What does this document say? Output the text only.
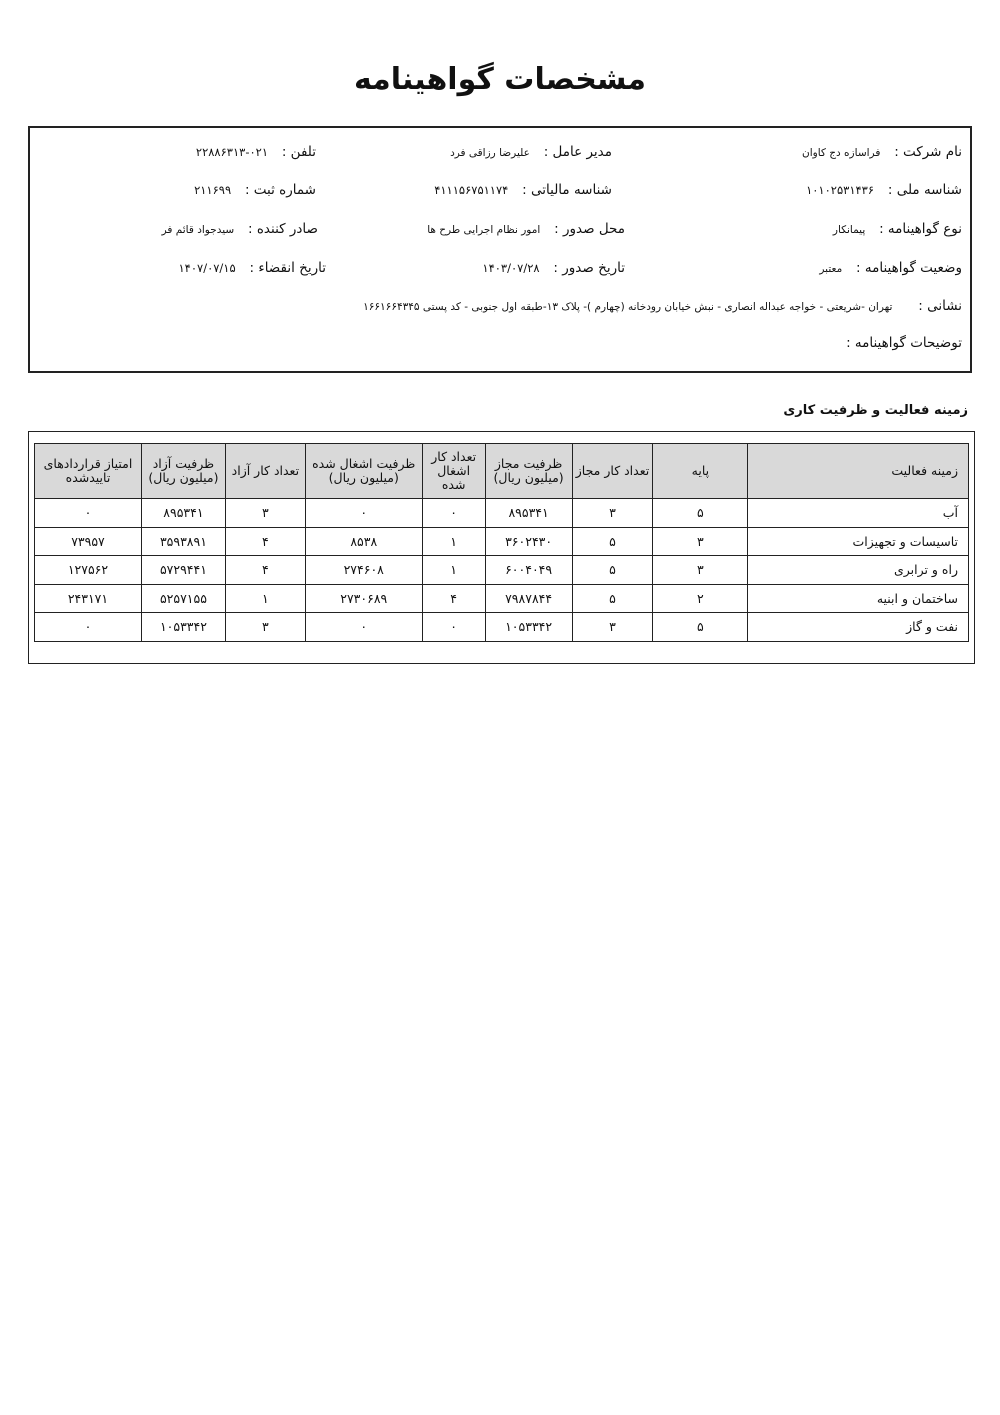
مشخصات گواهینامه
نام شرکت : فراسازه دج کاوان
مدیر عامل : علیرضا رزاقی فرد
تلفن : ۰۲۱-۲۲۸۸۶۳۱۳
شناسه ملی : ۱۰۱۰۲۵۳۱۴۳۶
شناسه مالیاتی : ۴۱۱۱۵۶۷۵۱۱۷۴
شماره ثبت : ۲۱۱۶۹۹
نوع گواهینامه : پیمانکار
محل صدور : امور نظام اجرایی طرح ها
صادر کننده : سیدجواد قائم فر
وضعیت گواهینامه : معتبر
تاریخ صدور : ۱۴۰۳/۰۷/۲۸
تاریخ انقضاء : ۱۴۰۷/۰۷/۱۵
نشانی : تهران -شریعتی - خواجه عبداله انصاری - نبش خیابان رودخانه (چهارم )- پلاک ۱۳-طبقه اول جنوبی - کد پستی ۱۶۶۱۶۶۴۳۴۵
توضیحات گواهینامه :
زمینه فعالیت و ظرفیت کاری
زمینه فعالیت	پایه	تعداد کار مجاز	ظرفیت مجاز (میلیون ریال)	تعداد کار اشغال شده	ظرفیت اشغال شده (میلیون ریال)	تعداد کار آزاد	ظرفیت آزاد (میلیون ریال)	امتیاز قراردادهای تاییدشده
آب	۵	۳	۸۹۵۳۴۱	۰	۰	۳	۸۹۵۳۴۱	۰
تاسیسات و تجهیزات	۳	۵	۳۶۰۲۴۳۰	۱	۸۵۳۸	۴	۳۵۹۳۸۹۱	۷۳۹۵۷
راه و ترابری	۳	۵	۶۰۰۴۰۴۹	۱	۲۷۴۶۰۸	۴	۵۷۲۹۴۴۱	۱۲۷۵۶۲
ساختمان و ابنیه	۲	۵	۷۹۸۷۸۴۴	۴	۲۷۳۰۶۸۹	۱	۵۲۵۷۱۵۵	۲۴۳۱۷۱
نفت و گاز	۵	۳	۱۰۵۳۳۴۲	۰	۰	۳	۱۰۵۳۳۴۲	۰
